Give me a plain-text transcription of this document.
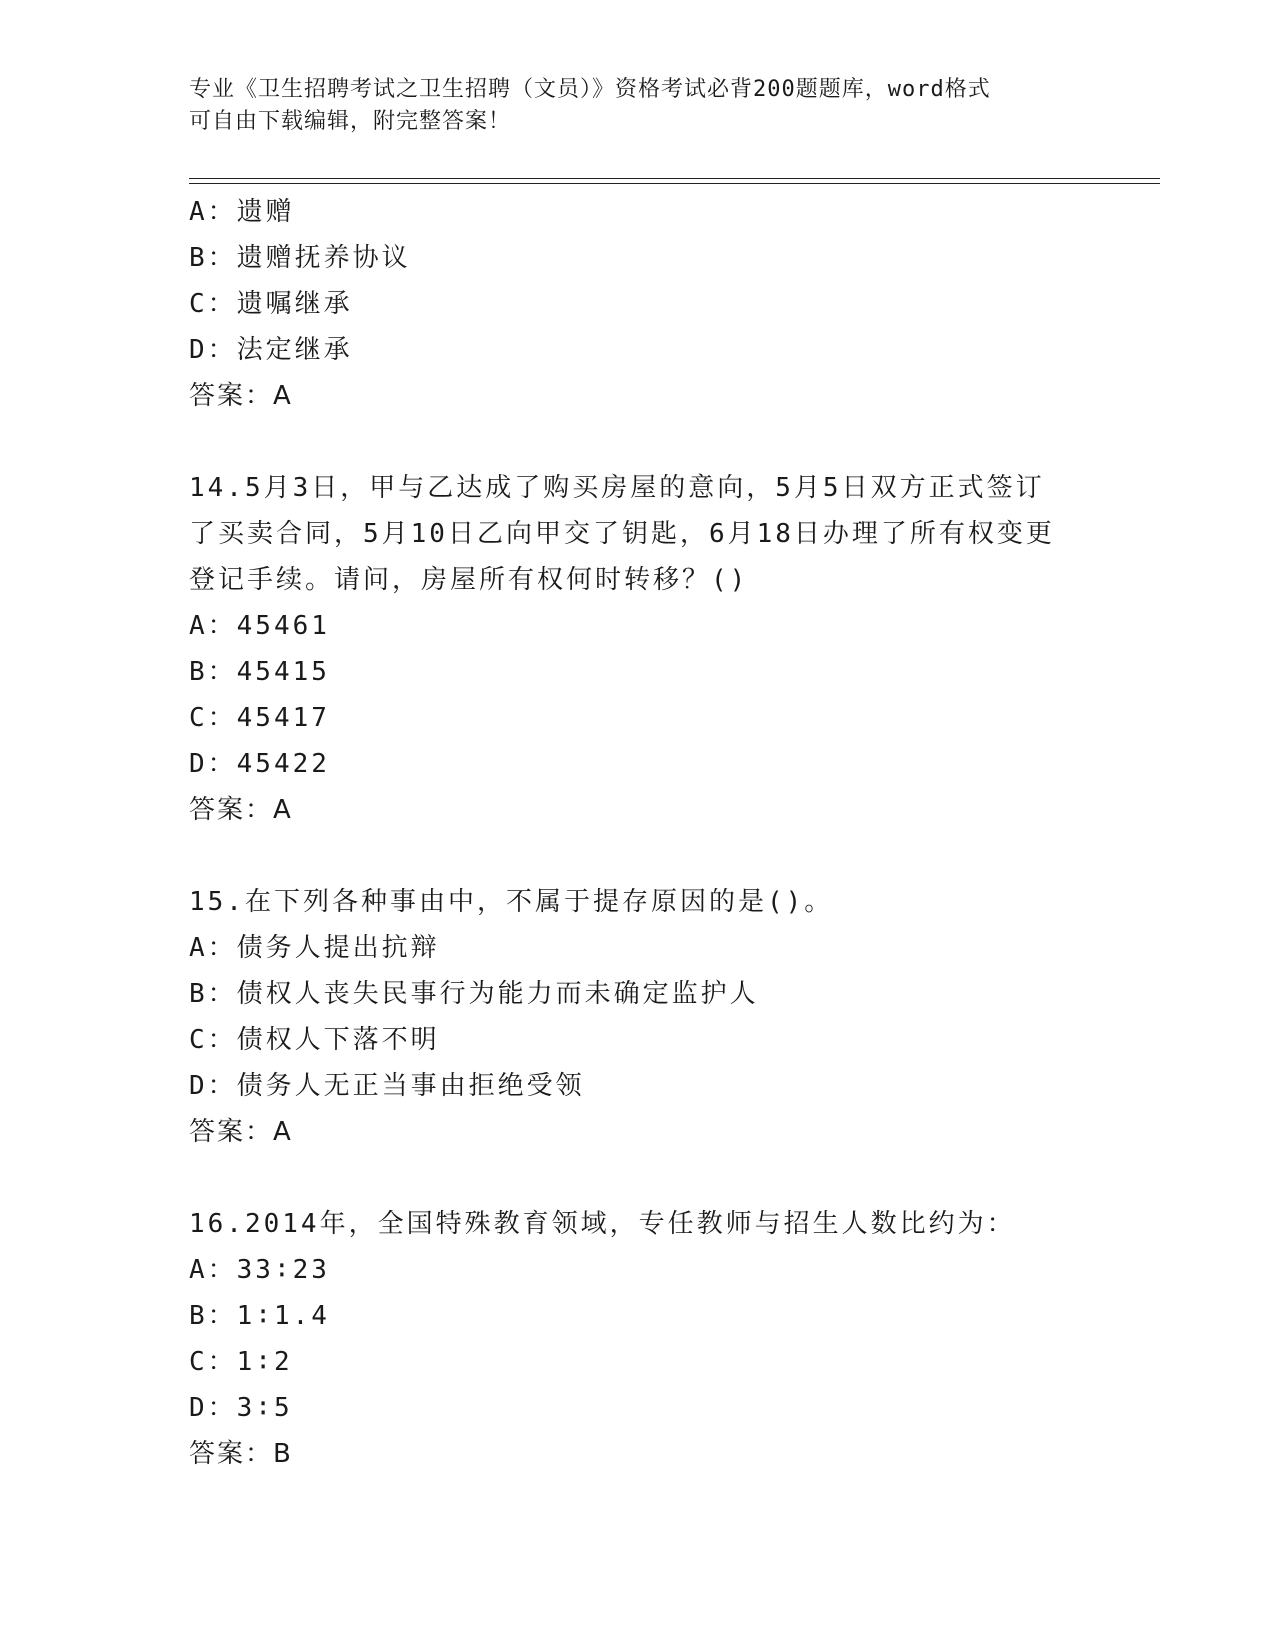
专业《卫生招聘考试之卫生招聘（文员）》资格考试必背200题题库，word格式
可自由下载编辑，附完整答案！
A：遗赠
B：遗赠抚养协议
C：遗嘱继承
D：法定继承
答案：A
14.5月3日，甲与乙达成了购买房屋的意向，5月5日双方正式签订
了买卖合同，5月10日乙向甲交了钥匙，6月18日办理了所有权变更
登记手续。请问，房屋所有权何时转移？()
A：45461
B：45415
C：45417
D：45422
答案：A
15.在下列各种事由中，不属于提存原因的是()。
A：债务人提出抗辩
B：债权人丧失民事行为能力而未确定监护人
C：债权人下落不明
D：债务人无正当事由拒绝受领
答案：A
16.2014年，全国特殊教育领域，专任教师与招生人数比约为：
A：33∶23
B：1∶1.4
C：1∶2
D：3∶5
答案：B
